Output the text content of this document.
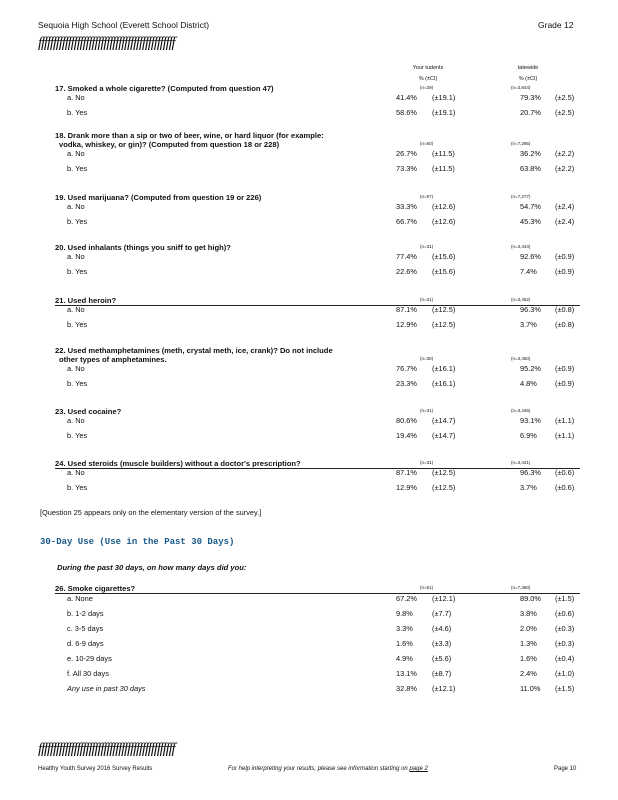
Sequoia High School (Everett School District)	Grade 12
ffffffffffffffffffffffffffffffffffffffffffffff
Your tudents
% (±CI)
tatewide
% (±CI)
17. Smoked a whole cigarette? (Computed from question 47)	(n=29)	(n=3,844)
a. No	41.4% (±19.1)	79.3% (±2.5)
b. Yes	58.6% (±19.1)	20.7% (±2.5)
18. Drank more than a sip or two of beer, wine, or hard liquor (for example:
vodka, whiskey, or gin)? (Computed from question 18 or 228)	(n=60)	(n=7,295)
a. No	26.7% (±11.5)	36.2% (±2.2)
b. Yes	73.3% (±11.5)	63.8% (±2.2)
19. Used marijuana? (Computed from question 19 or 226)	(n=57)	(n=7,277)
a. No	33.3% (±12.6)	54.7% (±2.4)
b. Yes	66.7% (±12.6)	45.3% (±2.4)
20. Used inhalants (things you sniff to get high)?	(n=31)	(n=3,444)
a. No	77.4% (±15.6)	92.6% (±0.9)
b. Yes	22.6% (±15.6)	7.4% (±0.9)
21. Used heroin?	(n=31)	(n=3,452)
a. No	87.1% (±12.5)	96.3% (±0.8)
b. Yes	12.9% (±12.5)	3.7% (±0.8)
22. Used methamphetamines (meth, crystal meth, ice, crank)? Do not include
other types of amphetamines.	(n=30)	(n=3,450)
a. No	76.7% (±16.1)	95.2% (±0.9)
b. Yes	23.3% (±16.1)	4.8% (±0.9)
23. Used cocaine?	(n=31)	(n=3,446)
a. No	80.6% (±14.7)	93.1% (±1.1)
b. Yes	19.4% (±14.7)	6.9% (±1.1)
24. Used steroids (muscle builders) without a doctor's prescription?	(n=31)	(n=3,441)
a. No	87.1% (±12.5)	96.3% (±0.6)
b. Yes	12.9% (±12.5)	3.7% (±0.6)
[Question 25 appears only on the elementary version of the survey.]
30-Day Use (Use in the Past 30 Days)
During the past 30 days, on how many days did you:
26. Smoke cigarettes?	(n=61)	(n=7,360)
a. None	67.2% (±12.1)	89.0% (±1.5)
b. 1-2 days	9.8%	(±7.7)	3.8% (±0.6)
c. 3-5 days	3.3%	(±4.6)	2.0% (±0.3)
d. 6-9 days	1.6%	(±3.3)	1.3% (±0.3)
e. 10-29 days	4.9%	(±5.6)	1.6% (±0.4)
f. All 30 days	13.1% (±8.7)	2.4% (±1.0)
Any use in past 30 days	32.8% (±12.1)	11.0% (±1.5)
ffffffffffffffffffffffffffffffffffffffffffffff
Healthy Youth Survey 2016 Survey Results	For help interpreting your results, please see information starting on page 2	Page 10
